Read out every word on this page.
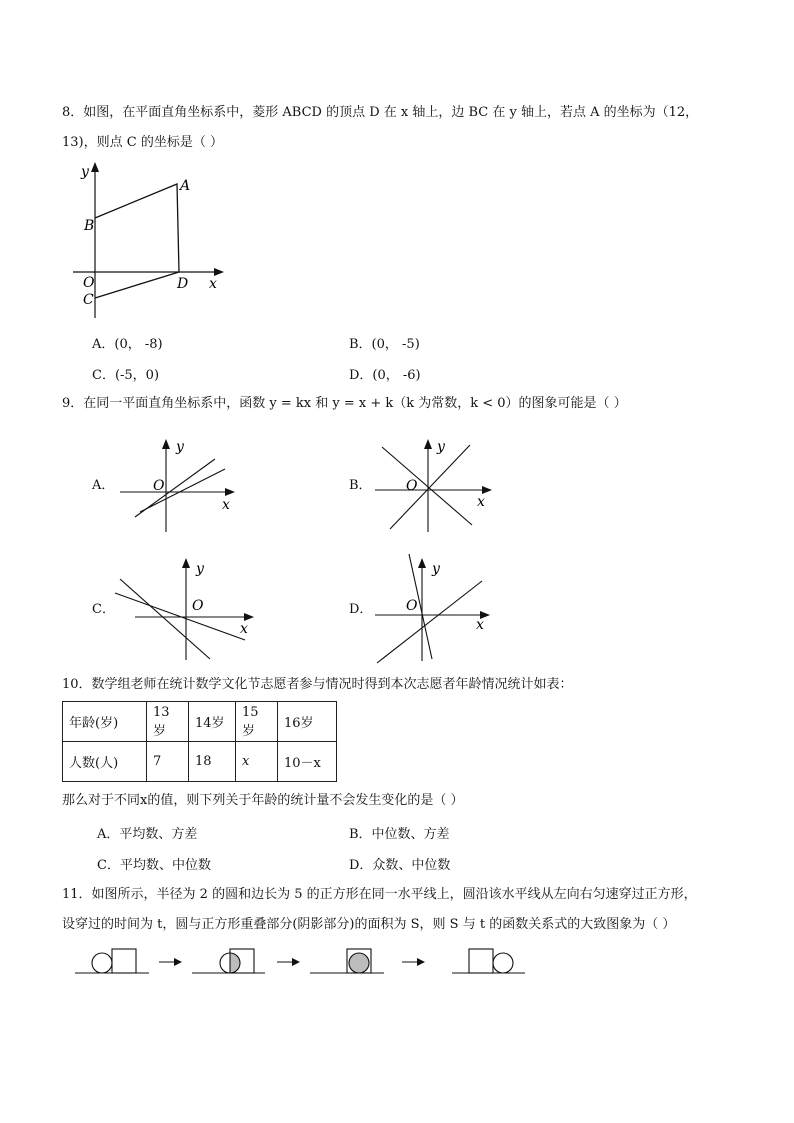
8．如图，在平面直角坐标系中，菱形 ABCD 的顶点 D 在 x 轴上，边 BC 在 y 轴上，若点 A 的坐标为（12，
13)，则点 C 的坐标是（ ）
y
x
A
B
O	D
C
A．(0， -8)	B．(0， -5)
C．(-5，0)	D．(0， -6)
9．在同一平面直角坐标系中，函数 y = kx 和 y = x + k（k 为常数，k < 0）的图象可能是（ ）
A．
y
O
x
B．
y
O
x
C．
y
O
x
D．
y
O
x
10．数学组老师在统计数学文化节志愿者参与情况时得到本次志愿者年龄情况统计如表：
年龄(岁)	13岁	14岁	15岁	16岁
人数(人)	7	18	x	10－x
那么对于不同x的值，则下列关于年龄的统计量不会发生变化的是（ ）
A．平均数、方差	B．中位数、方差
C．平均数、中位数	D．众数、中位数
11．如图所示，半径为 2 的圆和边长为 5 的正方形在同一水平线上，圆沿该水平线从左向右匀速穿过正方形，
设穿过的时间为 t，圆与正方形重叠部分(阴影部分)的面积为 S，则 S 与 t 的函数关系式的大致图象为（ ）
